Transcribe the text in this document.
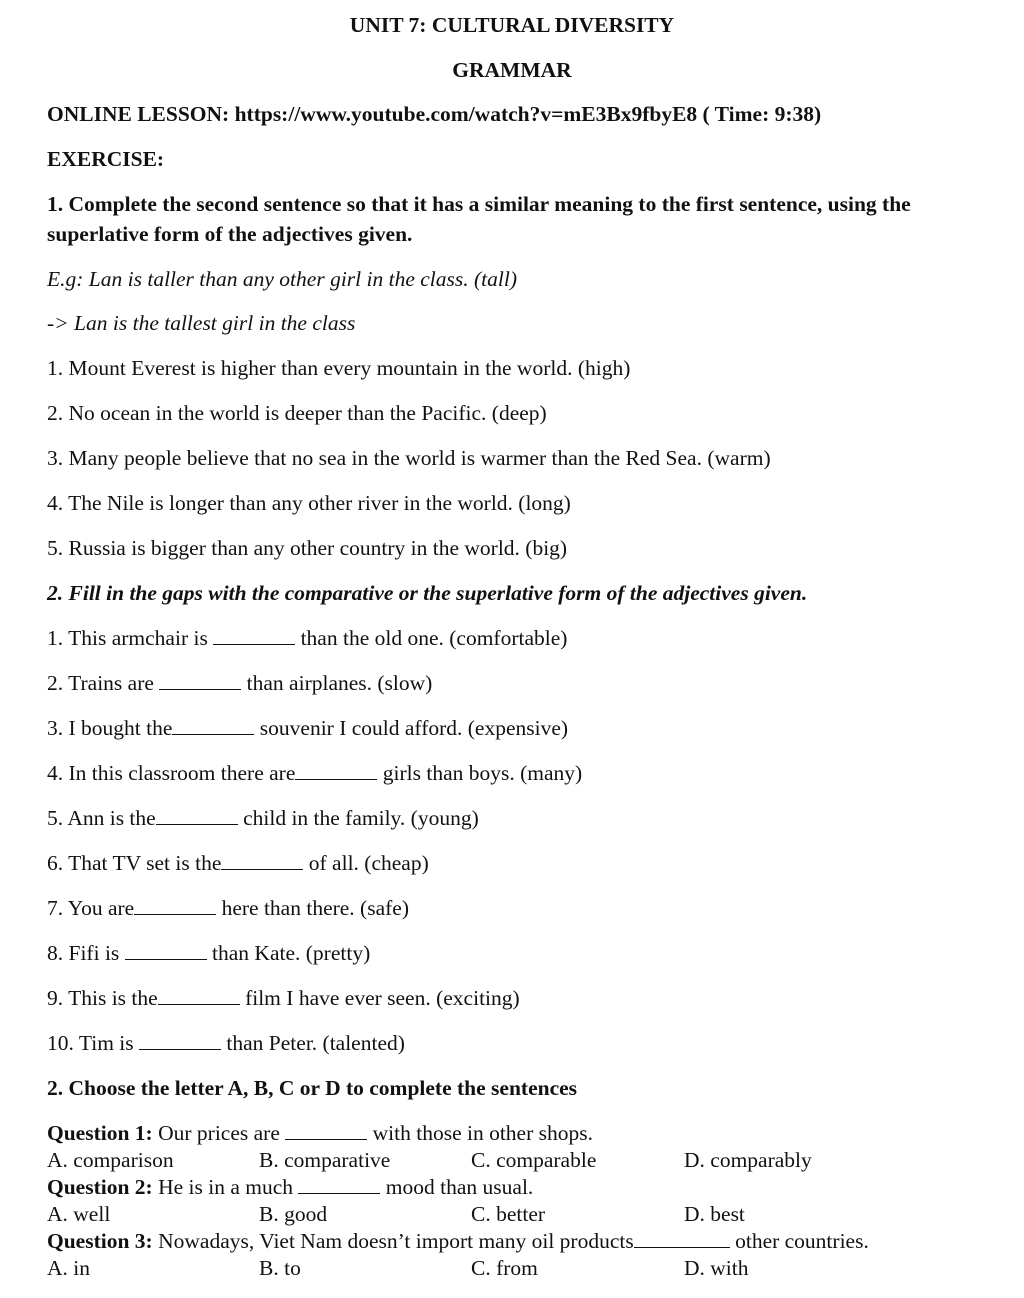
UNIT 7: CULTURAL DIVERSITY
GRAMMAR
ONLINE LESSON: https://www.youtube.com/watch?v=mE3Bx9fbyE8 ( Time: 9:38)
EXERCISE:
1. Complete the second sentence so that it has a similar meaning to the first sentence, using the superlative form of the adjectives given.
E.g: Lan is taller than any other girl in the class. (tall)
-> Lan is the tallest girl in the class
1. Mount Everest is higher than every mountain in the world. (high)
2. No ocean in the world is deeper than the Pacific. (deep)
3. Many people believe that no sea in the world is warmer than the Red Sea. (warm)
4. The Nile is longer than any other river in the world. (long)
5. Russia is bigger than any other country in the world. (big)
2. Fill in the gaps with the comparative or the superlative form of the adjectives given.
1. This armchair is	than the old one. (comfortable)
2. Trains are	than airplanes. (slow)
3. I bought the	souvenir I could afford. (expensive)
4. In this classroom there are	girls than boys. (many)
5. Ann is the	child in the family. (young)
6. That TV set is the	of all. (cheap)
7. You are	here than there. (safe)
8. Fifi is	than Kate. (pretty)
9. This is the	film I have ever seen. (exciting)
10. Tim is	than Peter. (talented)
2. Choose the letter A, B, C or D to complete the sentences
Question 1: Our prices are	with those in other shops.
A. comparison	B. comparative	C. comparable	D. comparably
Question 2: He is in a much	mood than usual.
A. well	B. good	C. better	D. best
Question 3: Nowadays, Viet Nam doesn’t import many oil products	other countries.
A. in	B. to	C. from	D. with
